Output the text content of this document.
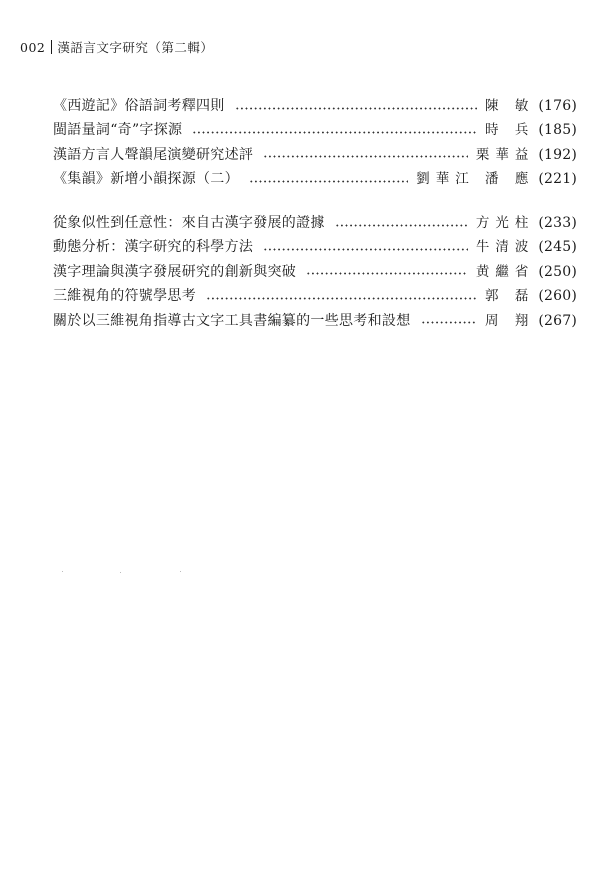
002 漢語言文字研究（第二輯）
《西遊記》俗語詞考釋四則	陳 敏 (176)
閩語量詞“奇”字探源	時 兵 (185)
漢語方言人聲韻尾演變研究述評	栗華益 (192)
《集韻》新增小韻探源（二）	劉華江 潘 應 (221)
從象似性到任意性：來自古漢字發展的證據	方光柱 (233)
動態分析：漢字研究的科學方法	牛清波 (245)
漢字理論與漢字發展研究的創新與突破	黄繼省 (250)
三維視角的符號學思考	郭 磊 (260)
關於以三維視角指導古文字工具書編纂的一些思考和設想	周 翔 (267)
